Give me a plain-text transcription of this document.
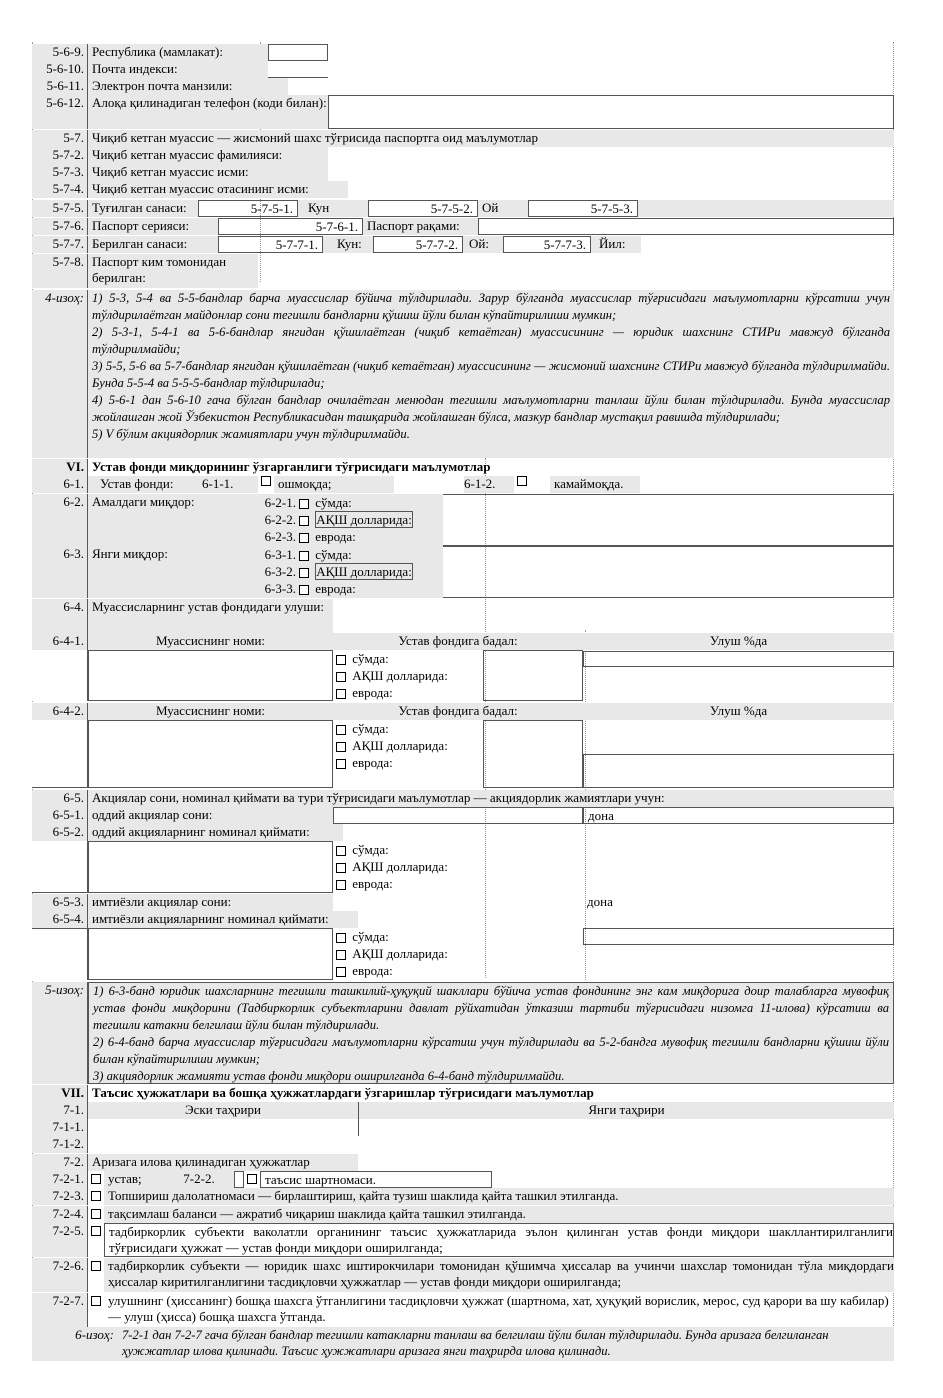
5-6-9. Республика (мамлакат):
5-6-10. Почта индекси:
5-6-11. Электрон почта манзили:
5-6-12. Алоқа қилинадиган телефон (коди билан):
5-7. Чиқиб кетган муассис — жисмоний шахс тўғрисида паспортга оид маълумотлар
5-7-2. Чиқиб кетган муассис фамилияси:
5-7-3. Чиқиб кетган муассис исми:
5-7-4. Чиқиб кетган муассис отасининг исми:
5-7-5. Туғилган санаси:	5-7-5-1.	Кун	5-7-5-2. Ой	5-7-5-3.
5-7-6. Паспорт серияси:	5-7-6-1. Паспорт рақами:
5-7-7. Берилган санаси:	5-7-7-1.	Кун:	5-7-7-2. Ой:	5-7-7-3.	Йил:
5-7-8. Паспорт ким томонидан берилган:
4-изоҳ: 1) 5-3, 5-4 ва 5-5-бандлар барча муассислар бўйича тўлдирилади. Зарур бўлганда муассислар тўғрисидаги маълумотларни кўрсатиш учун тўлдирилаётган майдонлар сони тегишли бандларни қўшиш йўли билан кўпайтирилиши мумкин;
2) 5-3-1, 5-4-1 ва 5-6-бандлар янгидан қўшилаётган (чиқиб кетаётган) муассисининг — юридик шахснинг СТИРи мавжуд бўлганда тўлдирилмайди;
3) 5-5, 5-6 ва 5-7-бандлар янгидан қўшилаётган (чиқиб кетаётган) муассисининг — жисмоний шахснинг СТИРи мавжуд бўлганда тўлдирилмайди. Бунда 5-5-4 ва 5-5-5-бандлар тўлдирилади;
4) 5-6-1 дан 5-6-10 гача бўлган бандлар очилаётган менюдан тегишли маълумотларни танлаш йўли билан тўлдирилади. Бунда муассислар жойлашган жой Ўзбекистон Республикасидан ташқарида жойлашган бўлса, мазкур бандлар мустақил равишда тўлдирилади;
5) V бўлим акциядорлик жамиятлари учун тўлдирилмайди.
VI. Устав фонди миқдорининг ўзгарганлиги тўғрисидаги маълумотлар
6-1.	Устав фонди:	6-1-1.	ошмоқда;	6-1-2.	камаймоқда.
6-2. Амалдаги миқдор:	6-2-1. сўмда:
6-2-2. АҚШ долларида:
6-2-3. еврода:
6-3. Янги миқдор:	6-3-1. сўмда:
6-3-2. АҚШ долларида:
6-3-3. еврода:
6-4. Муассисларнинг устав фондидаги улуши:
6-4-1.	Муассиснинг номи:	Устав фондига бадал:	Улуш %да
сўмда:
АҚШ долларида:
еврода:
6-4-2.	Муассиснинг номи:	Устав фондига бадал:	Улуш %да
сўмда:
АҚШ долларида:
еврода:
6-5. Акциялар сони, номинал қиймати ва тури тўғрисидаги маълумотлар — акциядорлик жамиятлари учун:
6-5-1. оддий акциялар сони:	дона
6-5-2. оддий акцияларнинг номинал қиймати:
сўмда:
АҚШ долларида:
еврода:
6-5-3. имтиёзли акциялар сони:	дона
6-5-4. имтиёзли акцияларнинг номинал қиймати:
сўмда:
АҚШ долларида:
еврода:
5-изоҳ: 1) 6-3-банд юридик шахсларнинг тегишли ташкилий-ҳуқуқий шакллари бўйича устав фондининг энг кам миқдорига доир талабларга мувофиқ устав фонди миқдорини (Тадбиркорлик субъектларини давлат рўйхатидан ўтказиш тартиби тўғрисидаги низомга 11-илова) кўрсатиш ва тегишли катакни белгилаш йўли билан тўлдирилади.
2) 6-4-банд барча муассислар тўғрисидаги маълумотларни кўрсатиш учун тўлдирилади ва 5-2-бандга мувофиқ тегишли бандларни қўшиш йўли билан кўпайтирилиши мумкин;
3) акциядорлик жамияти устав фонди миқдори оширилганда 6-4-банд тўлдирилмайди.
VII. Таъсис ҳужжатлари ва бошқа ҳужжатлардаги ўзгаришлар тўғрисидаги маълумотлар
7-1.	Эски таҳрири	Янги таҳрири
7-1-1.
7-1-2.
7-2. Аризага илова қилинадиган ҳужжатлар
7-2-1.	устав;	7-2-2.	таъсис шартномаси.
7-2-3.	Топшириш далолатномаси — бирлаштириш, қайта тузиш шаклида қайта ташкил этилганда.
7-2-4.	тақсимлаш баланси — ажратиб чиқариш шаклида қайта ташкил этилганда.
7-2-5.	тадбиркорлик субъекти ваколатли органининг таъсис ҳужжатларида эълон қилинган устав фонди миқдори шакллантирилганлиги тўғрисидаги ҳужжат — устав фонди миқдори оширилганда;
7-2-6.	тадбиркорлик субъекти — юридик шахс иштирокчилари томонидан қўшимча ҳиссалар ва учинчи шахслар томонидан тўла миқдордаги ҳиссалар киритилганлигини тасдиқловчи ҳужжатлар — устав фонди миқдори оширилганда;
7-2-7.	улушнинг (ҳиссанинг) бошқа шахсга ўтганлигини тасдиқловчи ҳужжат (шартнома, хат, ҳуқуқий ворислик, мерос, суд қарори ва шу кабилар) — улуш (ҳисса) бошқа шахсга ўтганда.
6-изоҳ: 7-2-1 дан 7-2-7 гача бўлган бандлар тегишли катакларни танлаш ва белгилаш йўли билан тўлдирилади. Бунда аризага белгиланган ҳужжатлар илова қилинади. Таъсис ҳужжатлари аризага янги таҳрирда илова қилинади.
